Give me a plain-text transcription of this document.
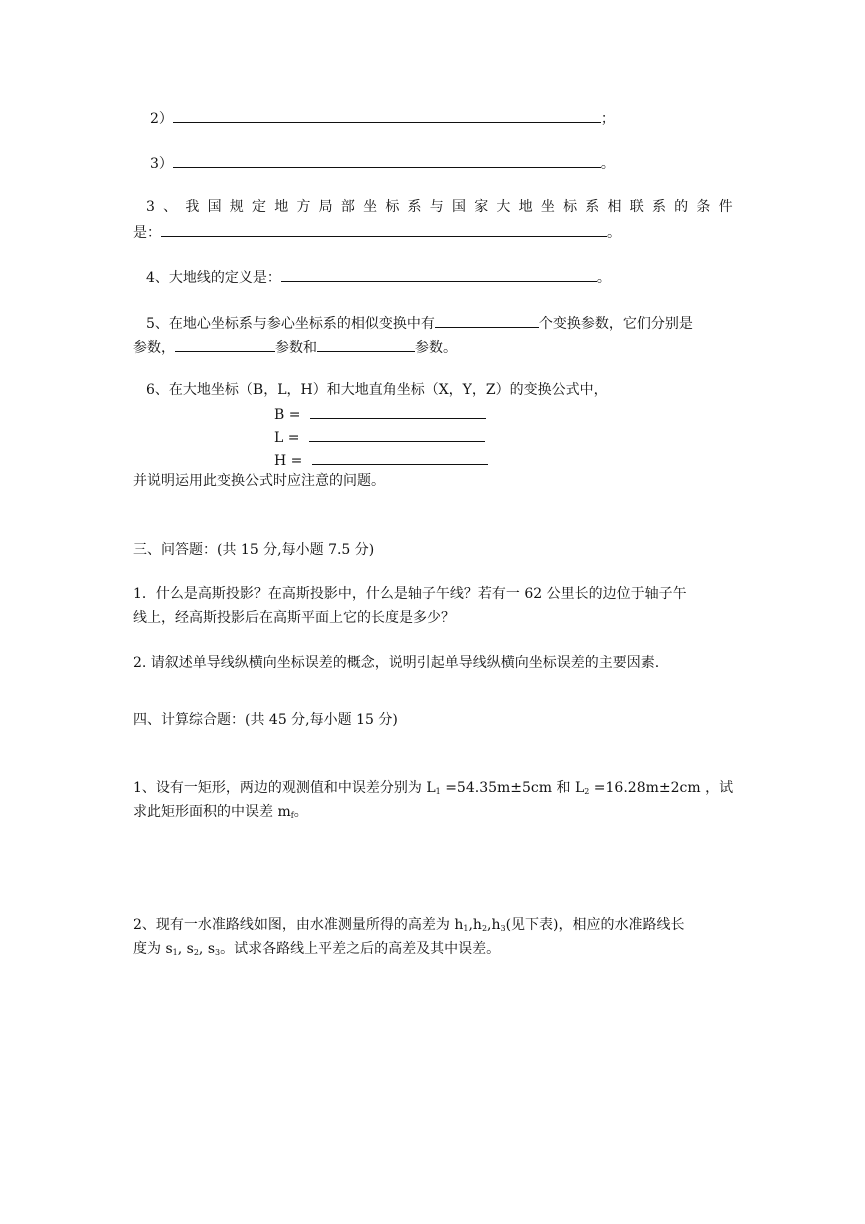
2）	；
3）	。
3 、 我 国 规 定 地 方 局 部 坐 标 系 与 国 家 大 地 坐 标 系 相 联 系 的 条 件
是：	。
4、大地线的定义是：	。
5、在地心坐标系与参心坐标系的相似变换中有	个变换参数，它们分别是
参数，	参数和	参数。
6、在大地坐标（B，L，H）和大地直角坐标（X，Y，Z）的变换公式中，
B =
L =
H =
并说明运用此变换公式时应注意的问题。
三、问答题：(共 15 分,每小题 7.5 分)
1．什么是高斯投影？在高斯投影中，什么是轴子午线？若有一 62 公里长的边位于轴子午
线上，经高斯投影后在高斯平面上它的长度是多少？
2. 请叙述单导线纵横向坐标误差的概念，说明引起单导线纵横向坐标误差的主要因素.
四、计算综合题：(共 45 分,每小题 15 分)
1、设有一矩形，两边的观测值和中误差分别为 $L_1 =54.35m\pm 5cm$ 和 $L_2 =16.28m\pm 2cm$ ，试
求此矩形面积的中误差 $m_f$。
2、现有一水准路线如图，由水准测量所得的高差为 $h_1,h_2,h_3$(见下表)，相应的水准路线长
度为 $s_1$, $s_2$, $s_3$。试求各路线上平差之后的高差及其中误差。
